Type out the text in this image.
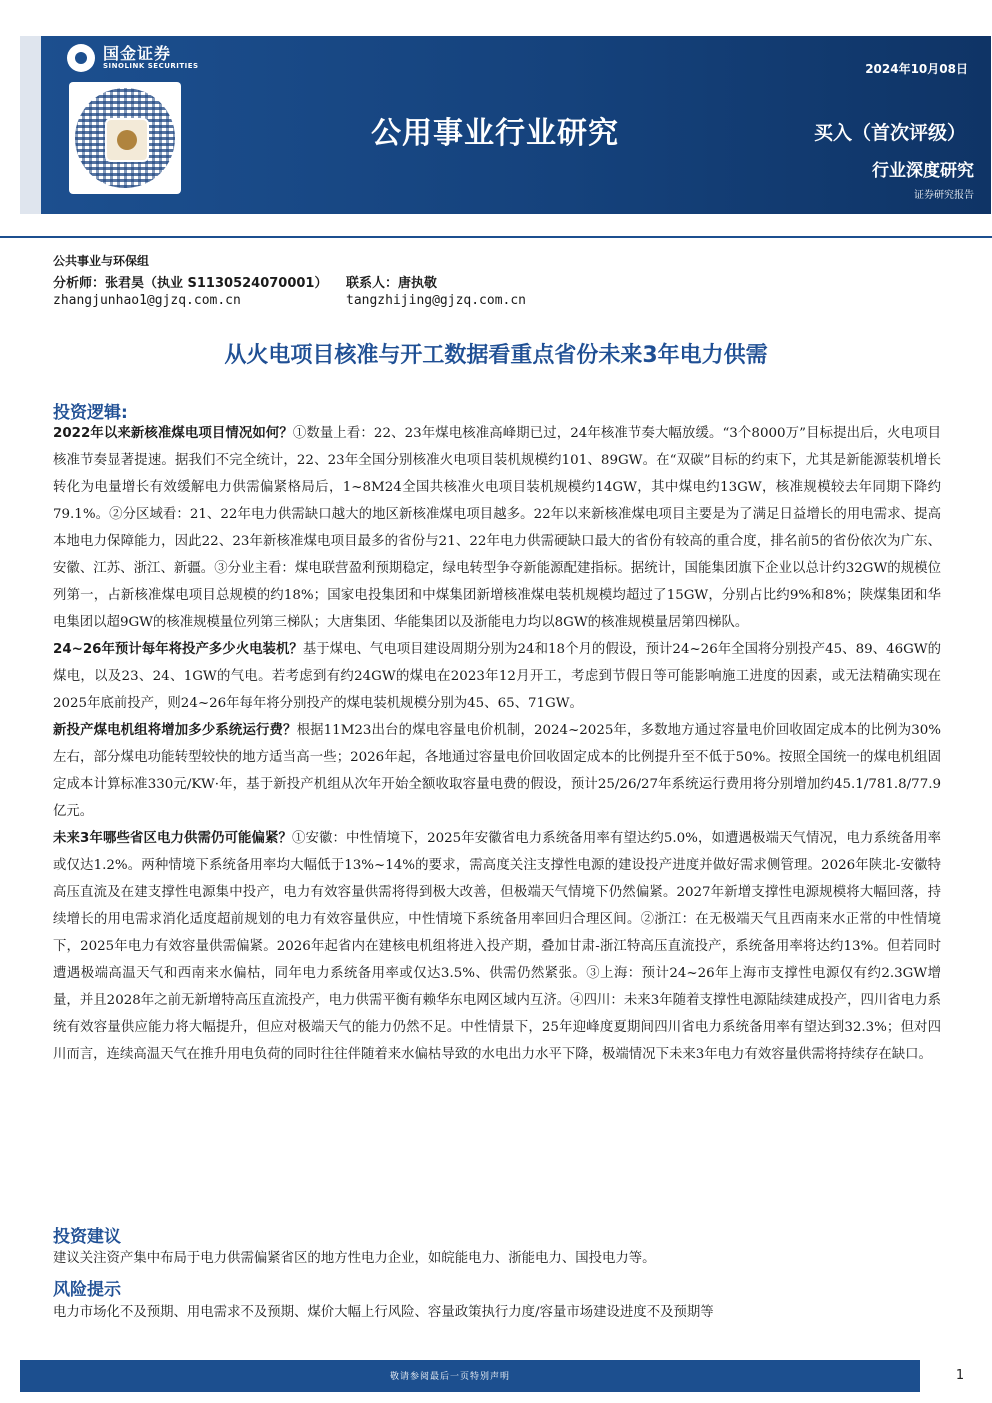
国金证券
SINOLINK SECURITIES	2024年10月08日
公用事业行业研究	买入（首次评级）
行业深度研究
证券研究报告
公共事业与环保组
分析师：张君昊（执业 S1130524070001） 联系人：唐执敬
zhangjunhao1@gjzq.com.cn	tangzhijing@gjzq.com.cn
从火电项目核准与开工数据看重点省份未来3年电力供需
投资逻辑:

2022年以来新核准煤电项目情况如何？①数量上看：22、23年煤电核准高峰期已过，24年核准节奏大幅放缓。“3个8000万”目标提出后，火电项目核准节奏显著提速。据我们不完全统计，22、23年全国分别核准火电项目装机规模约101、89GW。在“双碳”目标的约束下，尤其是新能源装机增长转化为电量增长有效缓解电力供需偏紧格局后，1~8M24全国共核准火电项目装机规模约14GW，其中煤电约13GW，核准规模较去年同期下降约79.1%。②分区域看：21、22年电力供需缺口越大的地区新核准煤电项目越多。22年以来新核准煤电项目主要是为了满足日益增长的用电需求、提高本地电力保障能力，因此22、23年新核准煤电项目最多的省份与21、22年电力供需硬缺口最大的省份有较高的重合度，排名前5的省份依次为广东、安徽、江苏、浙江、新疆。③分业主看：煤电联营盈利预期稳定，绿电转型争夺新能源配建指标。据统计，国能集团旗下企业以总计约32GW的规模位列第一，占新核准煤电项目总规模的约18%；国家电投集团和中煤集团新增核准煤电装机规模均超过了15GW，分别占比约9%和8%；陕煤集团和华电集团以超9GW的核准规模量位列第三梯队；大唐集团、华能集团以及浙能电力均以8GW的核准规模量居第四梯队。

24~26年预计每年将投产多少火电装机？基于煤电、气电项目建设周期分别为24和18个月的假设，预计24~26年全国将分别投产45、89、46GW的煤电，以及23、24、1GW的气电。若考虑到有约24GW的煤电在2023年12月开工，考虑到节假日等可能影响施工进度的因素，或无法精确实现在2025年底前投产，则24~26年每年将分别投产的煤电装机规模分别为45、65、71GW。

新投产煤电机组将增加多少系统运行费？根据11M23出台的煤电容量电价机制，2024~2025年，多数地方通过容量电价回收固定成本的比例为30%左右，部分煤电功能转型较快的地方适当高一些；2026年起，各地通过容量电价回收固定成本的比例提升至不低于50%。按照全国统一的煤电机组固定成本计算标准330元/KW·年，基于新投产机组从次年开始全额收取容量电费的假设，预计25/26/27年系统运行费用将分别增加约45.1/781.8/77.9亿元。

未来3年哪些省区电力供需仍可能偏紧？①安徽：中性情境下，2025年安徽省电力系统备用率有望达约5.0%，如遭遇极端天气情况，电力系统备用率或仅达1.2%。两种情境下系统备用率均大幅低于13%~14%的要求，需高度关注支撑性电源的建设投产进度并做好需求侧管理。2026年陕北-安徽特高压直流及在建支撑性电源集中投产，电力有效容量供需将得到极大改善，但极端天气情境下仍然偏紧。2027年新增支撑性电源规模将大幅回落，持续增长的用电需求消化适度超前规划的电力有效容量供应，中性情境下系统备用率回归合理区间。②浙江：在无极端天气且西南来水正常的中性情境下，2025年电力有效容量供需偏紧。2026年起省内在建核电机组将进入投产期，叠加甘肃-浙江特高压直流投产，系统备用率将达约13%。但若同时遭遇极端高温天气和西南来水偏枯，同年电力系统备用率或仅达3.5%、供需仍然紧张。③上海：预计24~26年上海市支撑性电源仅有约2.3GW增量，并且2028年之前无新增特高压直流投产，电力供需平衡有赖华东电网区域内互济。④四川：未来3年随着支撑性电源陆续建成投产，四川省电力系统有效容量供应能力将大幅提升，但应对极端天气的能力仍然不足。中性情景下，25年迎峰度夏期间四川省电力系统备用率有望达到32.3%；但对四川而言，连续高温天气在推升用电负荷的同时往往伴随着来水偏枯导致的水电出力水平下降，极端情况下未来3年电力有效容量供需将持续存在缺口。

投资建议

建议关注资产集中布局于电力供需偏紧省区的地方性电力企业，如皖能电力、浙能电力、国投电力等。

风险提示

电力市场化不及预期、用电需求不及预期、煤价大幅上行风险、容量政策执行力度/容量市场建设进度不及预期等

敬请参阅最后一页特别声明	1
